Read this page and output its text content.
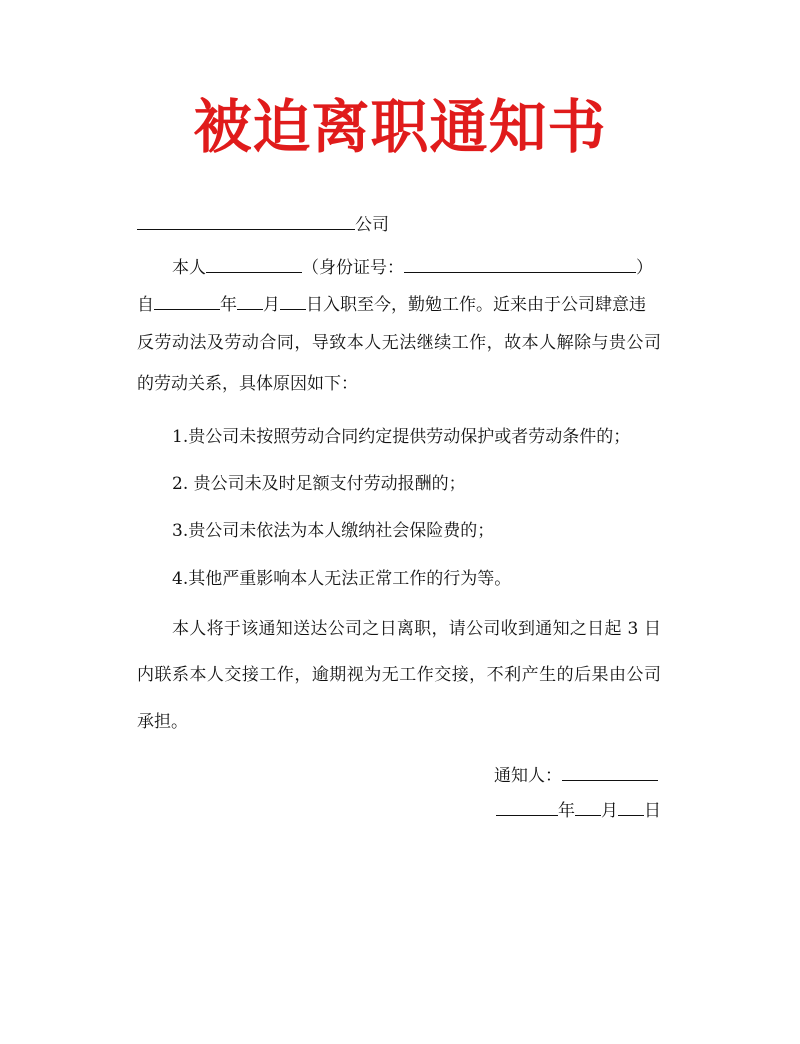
被迫离职通知书
公司
本人	（身份证号：	）
自	年 月 日入职至今，勤勉工作。近来由于公司肆意违
反劳动法及劳动合同，导致本人无法继续工作，故本人解除与贵公司
的劳动关系，具体原因如下：
1.贵公司未按照劳动合同约定提供劳动保护或者劳动条件的；
2. 贵公司未及时足额支付劳动报酬的；
3.贵公司未依法为本人缴纳社会保险费的；
4.其他严重影响本人无法正常工作的行为等。
本人将于该通知送达公司之日离职，请公司收到通知之日起 3 日
内联系本人交接工作，逾期视为无工作交接，不利产生的后果由公司
承担。
通知人：
年 月 日
